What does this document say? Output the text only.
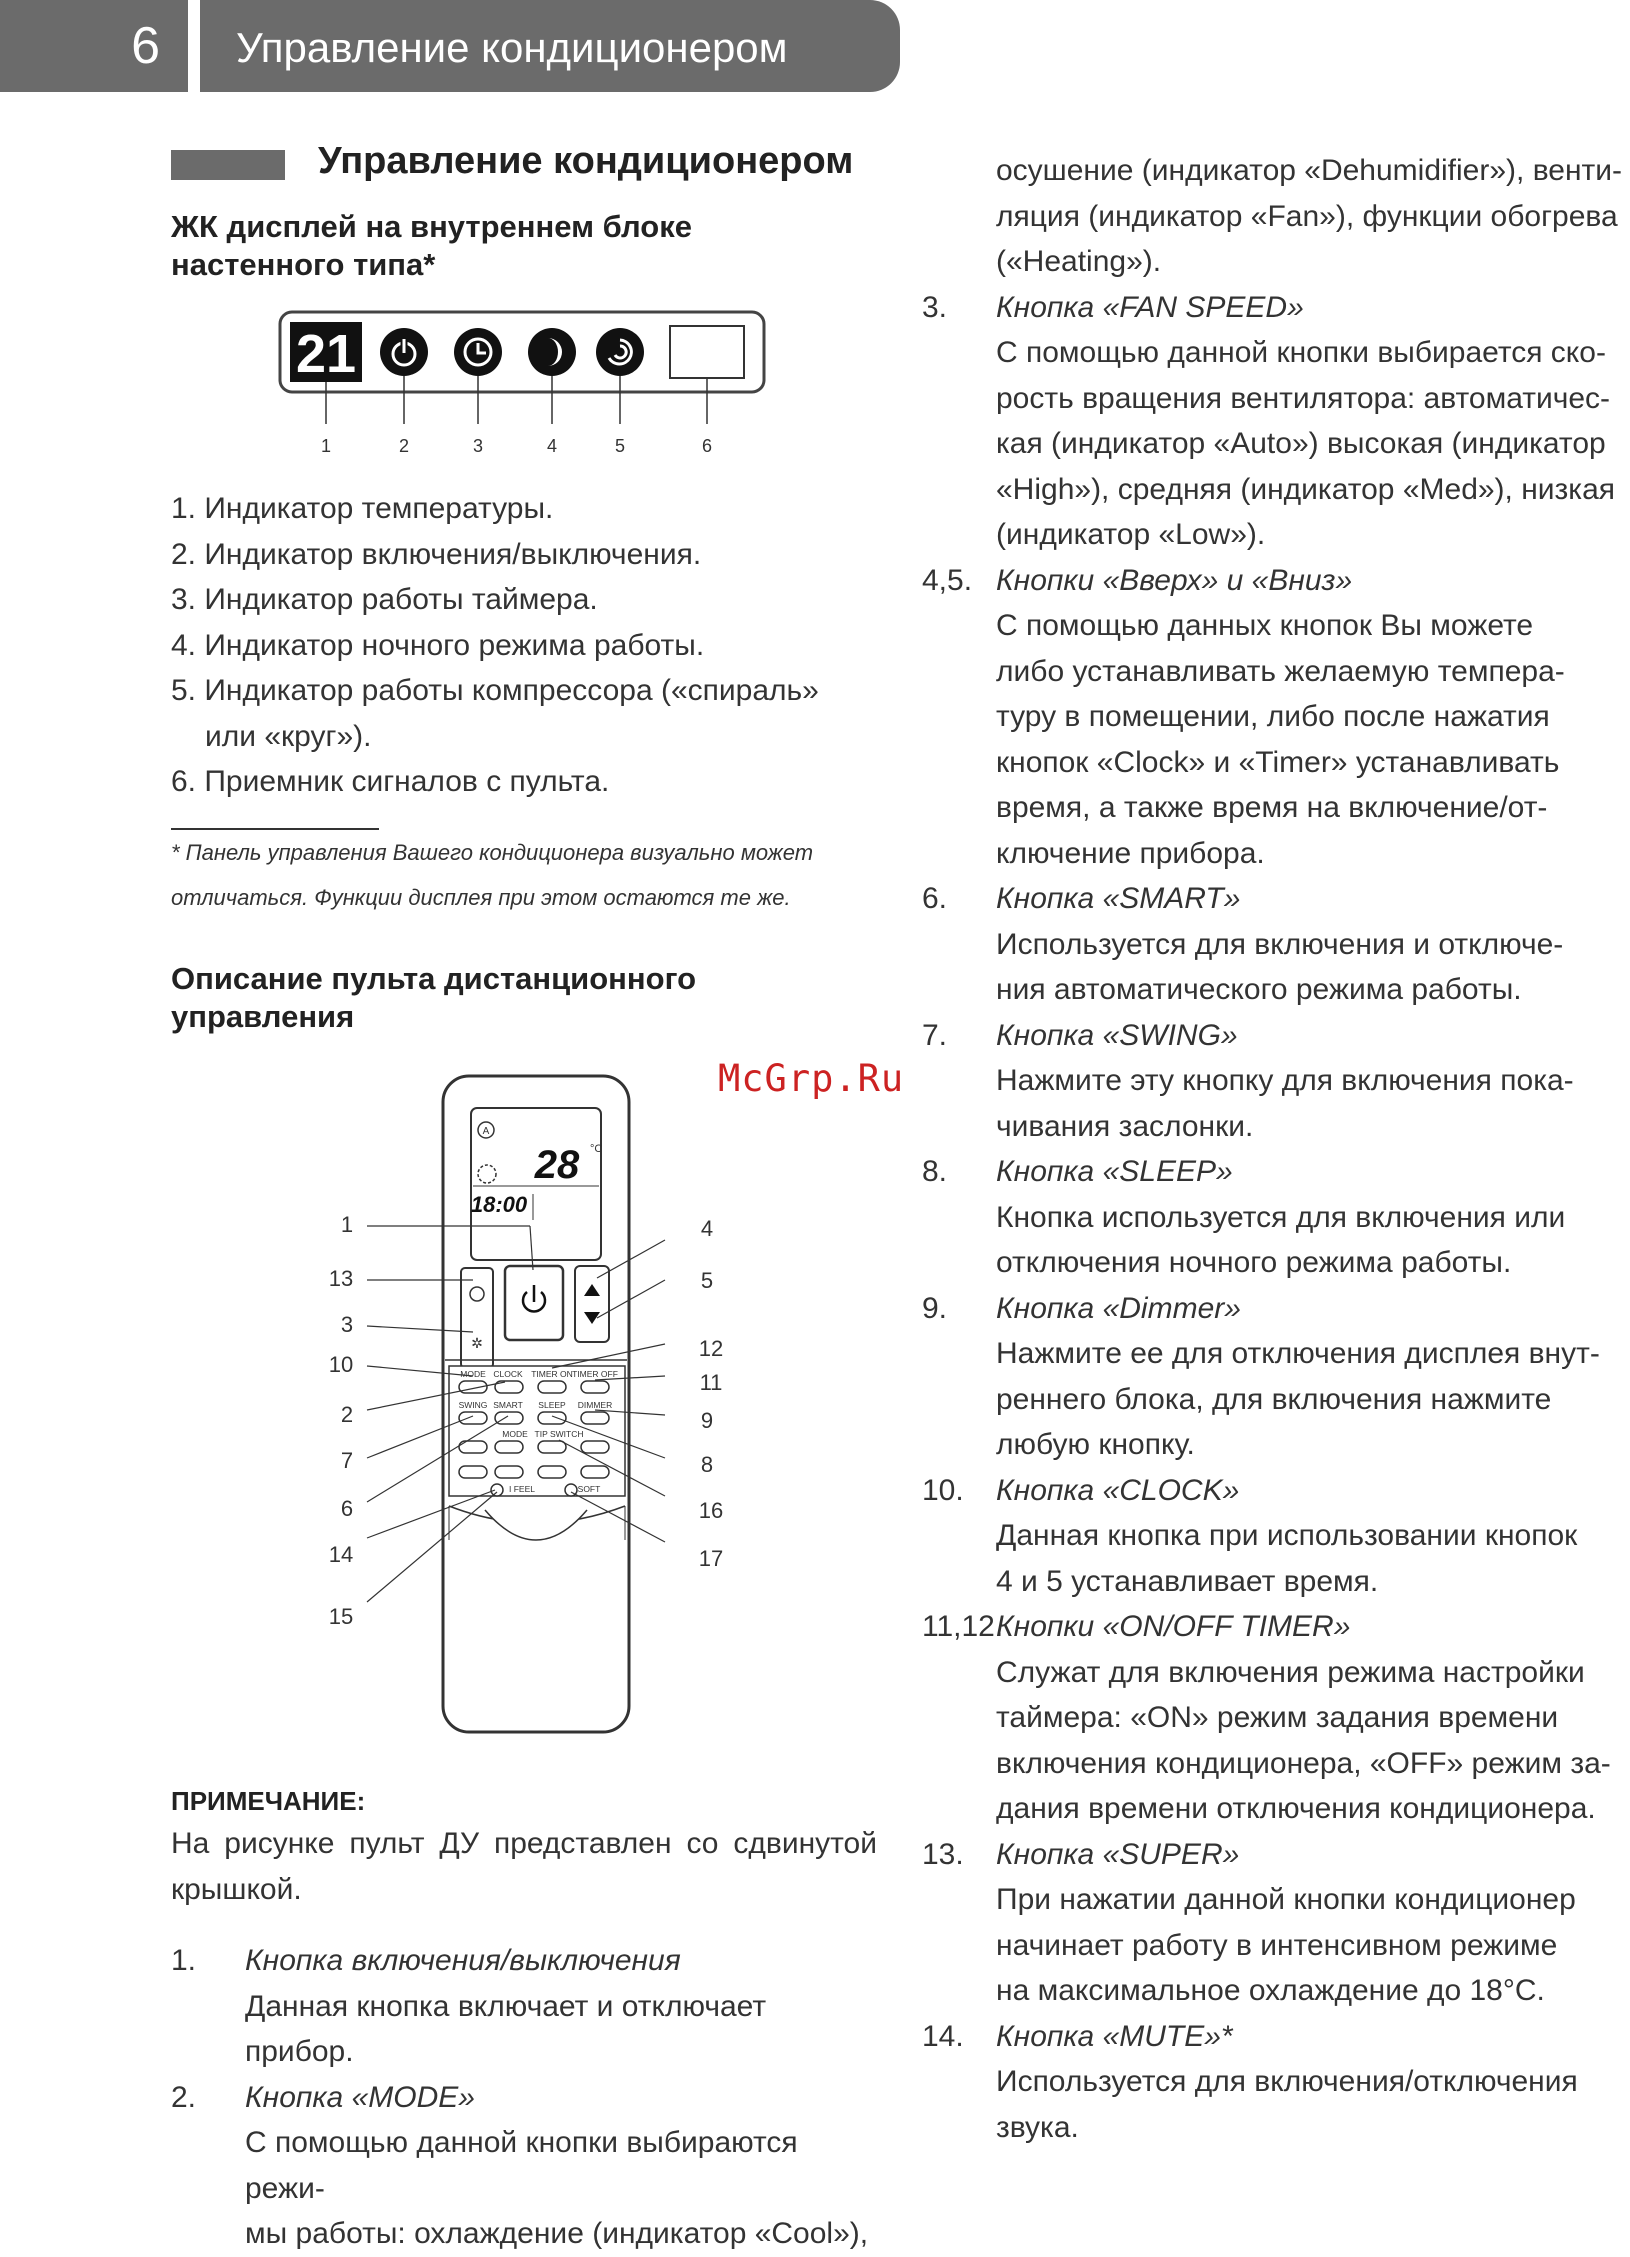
6	Управление кондиционером
Управление кондиционером
ЖК дисплей на внутреннем блоке
настенного типа*
21
1	2	3	4	5	6
1. Индикатор температуры.
2. Индикатор включения/выключения.
3. Индикатор работы таймера.
4. Индикатор ночного режима работы.
5. Индикатор работы компрессора («спираль»
или «круг»).
6. Приемник сигналов с пульта.
* Панель управления Вашего кондиционера визуально может
отличаться. Функции дисплея при этом остаются те же.
Описание пульта дистанционного
управления
A
28 °C
18:00
✲
MODE CLOCK TIMER ON TIMER OFF
SWING SMART SLEEP DIMMER
MODE TIP SWITCH
I FEEL	SOFT
1
13
3
10
2
7
6
14
15
4
5
12
11
9
8
16
17
McGrp.Ru
ПРИМЕЧАНИЕ:
На рисунке пульт ДУ представлен со сдвинутой
крышкой.
1. Кнопка включения/выключения
Данная кнопка включает и отключает прибор.
2. Кнопка «MODE»
С помощью данной кнопки выбираются режи-
мы работы: охлаждение (индикатор «Cool»),
осушение (индикатор «Dehumidifier»), венти-
ляция (индикатор «Fan»), функции обогрева
(«Heating»).
3. Кнопка «FAN SPEED»
С помощью данной кнопки выбирается ско-
рость вращения вентилятора: автоматичес-
кая (индикатор «Auto») высокая (индикатор
«High»), средняя (индикатор «Med»), низкая
(индикатор «Low»).
4,5. Кнопки «Вверх» и «Вниз»
С помощью данных кнопок Вы можете
либо устанавливать желаемую темпера-
туру в помещении, либо после нажатия
кнопок «Clock» и «Timer» устанавливать
время, а также время на включение/от-
ключение прибора.
6. Кнопка «SMART»
Используется для включения и отключе-
ния автоматического режима работы.
7. Кнопка «SWING»
Нажмите эту кнопку для включения пока-
чивания заслонки.
8. Кнопка «SLEEP»
Кнопка используется для включения или
отключения ночного режима работы.
9. Кнопка «Dimmer»
Нажмите ее для отключения дисплея внут-
реннего блока, для включения нажмите
любую кнопку.
10. Кнопка «CLOCK»
Данная кнопка при использовании кнопок
4 и 5 устанавливает время.
11,12.
Кнопки «ON/OFF TIMER»
Служат для включения режима настройки
таймера: «ON» режим задания времени
включения кондиционера, «OFF» режим за-
дания времени отключения кондиционера.
13. Кнопка «SUPER»
При нажатии данной кнопки кондиционер
начинает работу в интенсивном режиме
на максимальное охлаждение до 18°С.
14. Кнопка «MUTE»*
Используется для включения/отключения
звука.
